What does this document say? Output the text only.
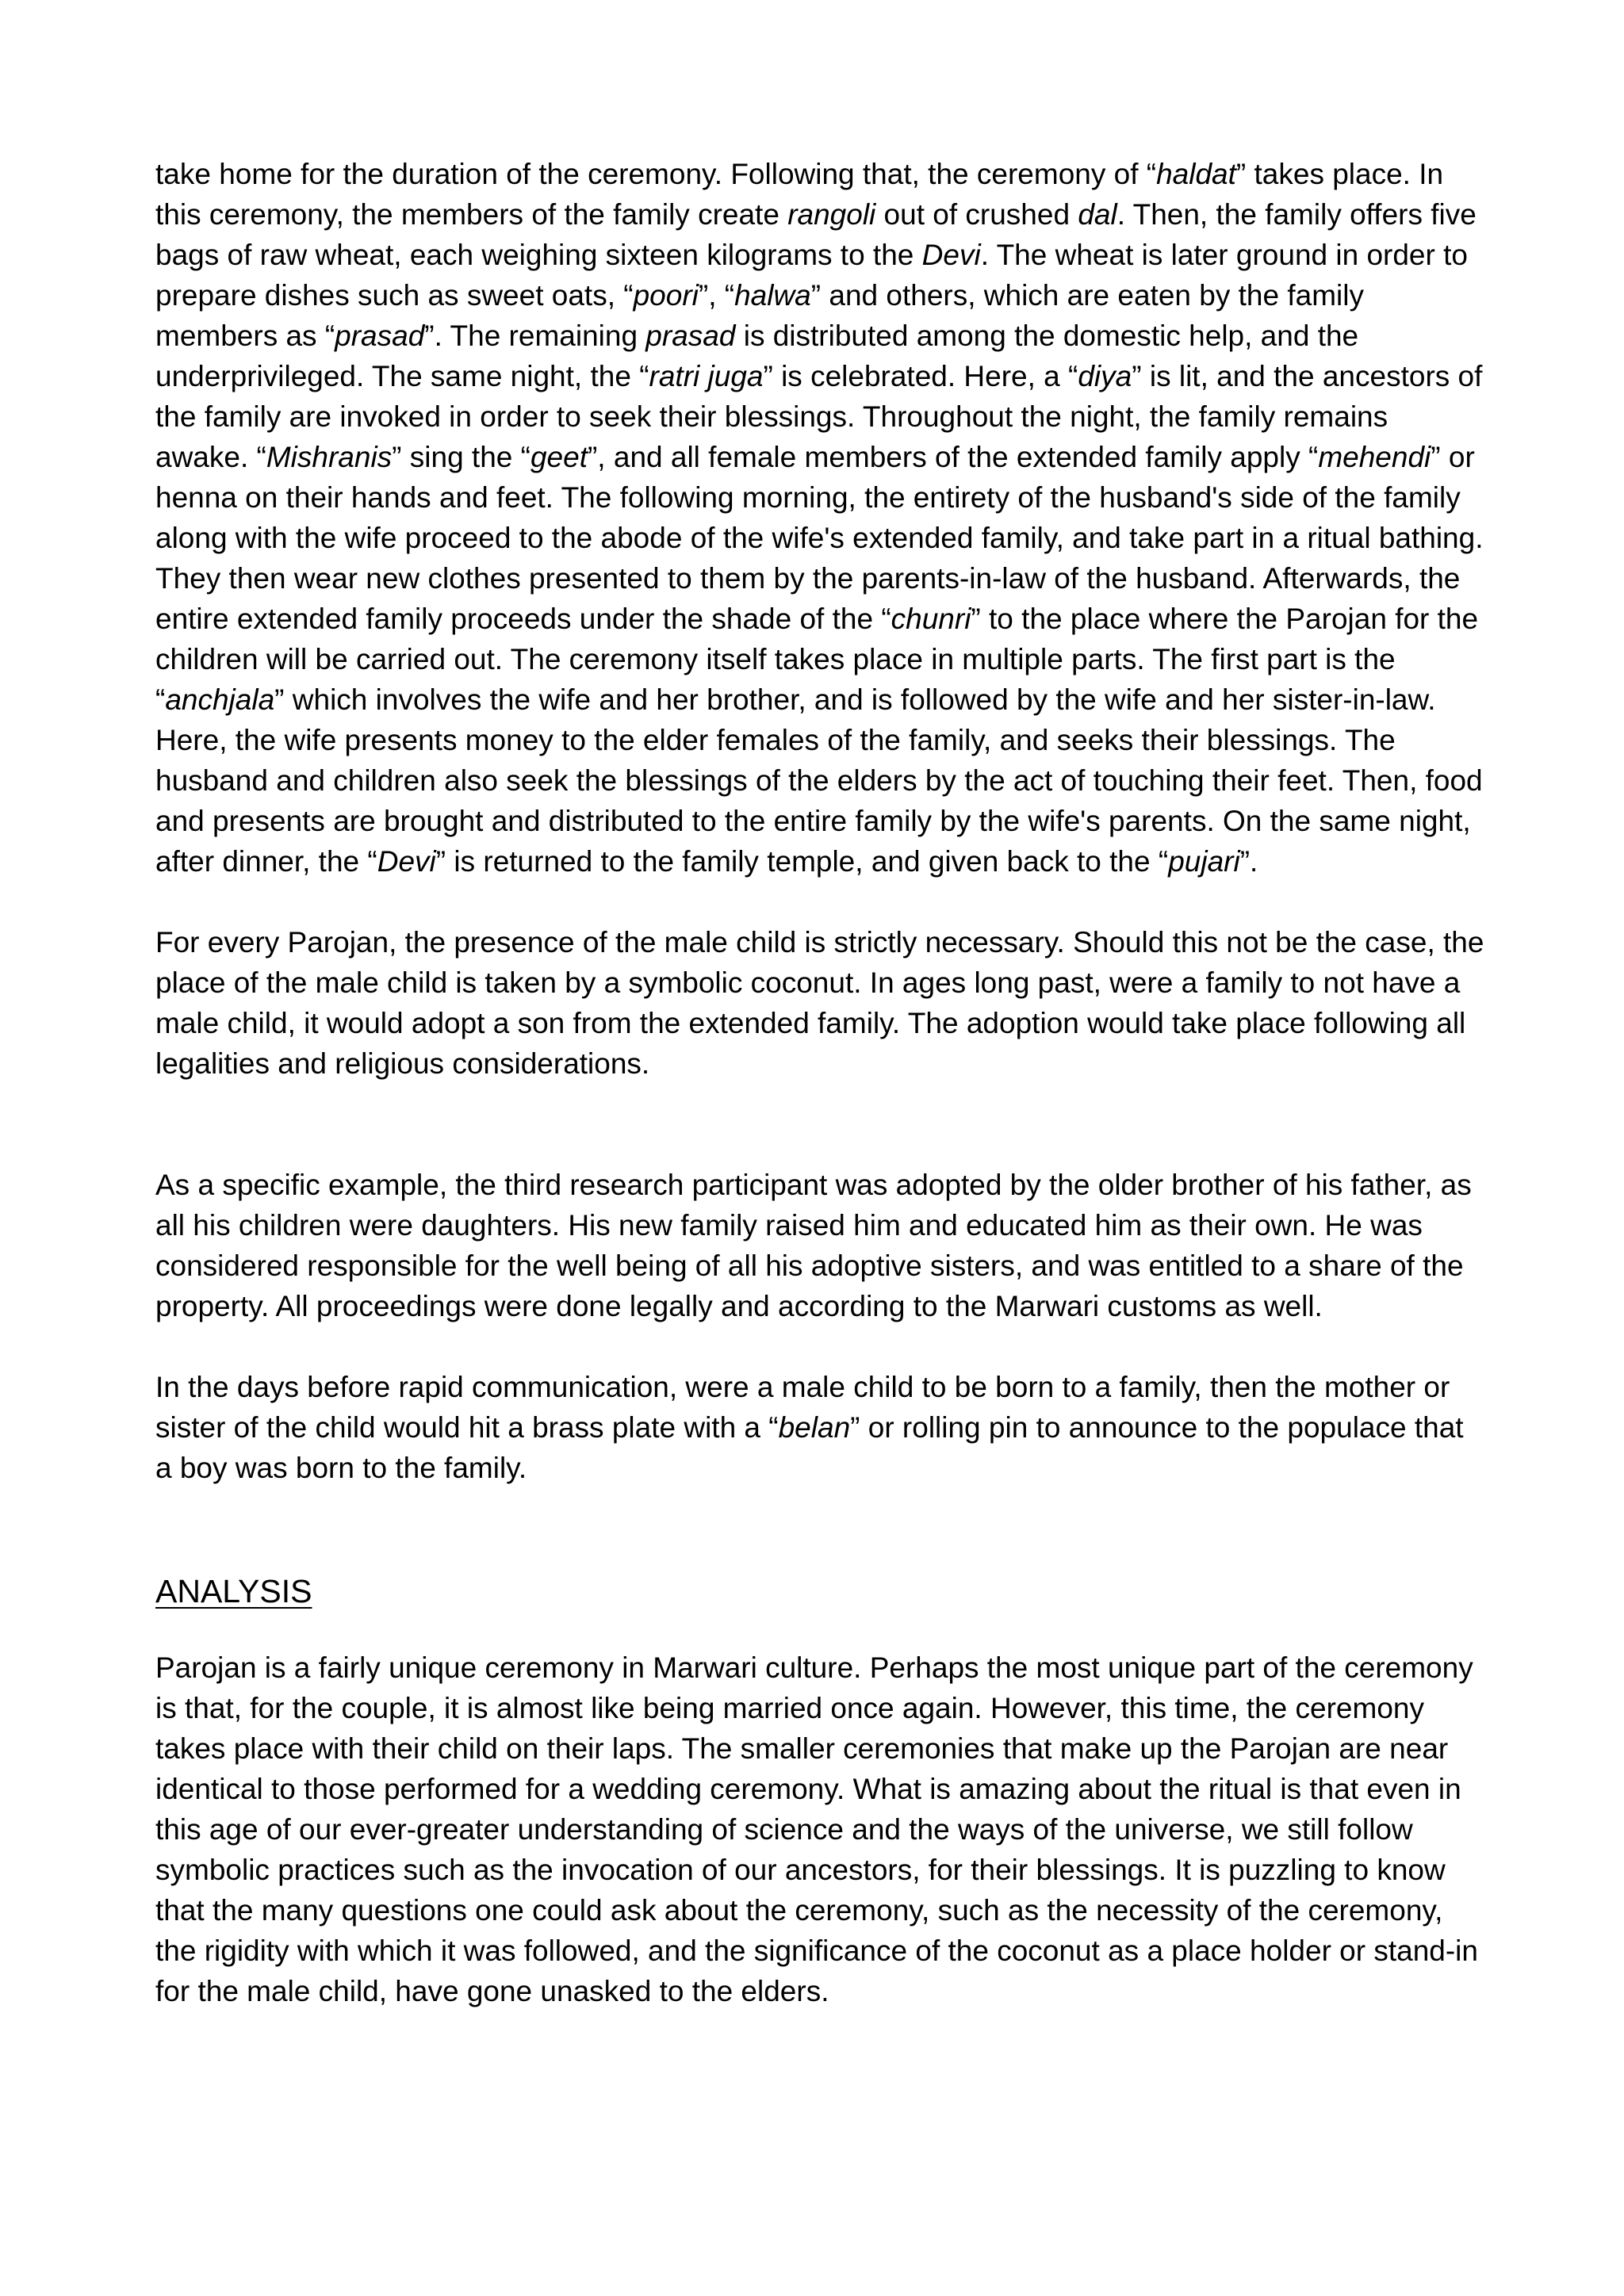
take home for the duration of the ceremony. Following that, the ceremony of “haldat” takes place. In this ceremony, the members of the family create rangoli out of crushed dal. Then, the family offers five bags of raw wheat, each weighing sixteen kilograms to the Devi. The wheat is later ground in order to prepare dishes such as sweet oats, “poori”, “halwa” and others, which are eaten by the family members as “prasad”. The remaining prasad is distributed among the domestic help, and the underprivileged. The same night, the “ratri juga” is celebrated. Here, a “diya” is lit, and the ancestors of the family are invoked in order to seek their blessings. Throughout the night, the family remains awake. “Mishranis” sing the “geet”, and all female members of the extended family apply “mehendi” or henna on their hands and feet. The following morning, the entirety of the husband's side of the family along with the wife proceed to the abode of the wife's extended family, and take part in a ritual bathing. They then wear new clothes presented to them by the parents-in-law of the husband. Afterwards, the entire extended family proceeds under the shade of the “chunri” to the place where the Parojan for the children will be carried out. The ceremony itself takes place in multiple parts. The first part is the “anchjala” which involves the wife and her brother, and is followed by the wife and her sister-in-law. Here, the wife presents money to the elder females of the family, and seeks their blessings. The husband and children also seek the blessings of the elders by the act of touching their feet. Then, food and presents are brought and distributed to the entire family by the wife's parents. On the same night, after dinner, the “Devi” is returned to the family temple, and given back to the “pujari”.

For every Parojan, the presence of the male child is strictly necessary. Should this not be the case, the place of the male child is taken by a symbolic coconut. In ages long past, were a family to not have a male child, it would adopt a son from the extended family. The adoption would take place following all legalities and religious considerations.

As a specific example, the third research participant was adopted by the older brother of his father, as all his children were daughters. His new family raised him and educated him as their own. He was considered responsible for the well being of all his adoptive sisters, and was entitled to a share of the property. All proceedings were done legally and according to the Marwari customs as well.

In the days before rapid communication, were a male child to be born to a family, then the mother or sister of the child would hit a brass plate with a “belan” or rolling pin to announce to the populace that a boy was born to the family.

ANALYSIS

Parojan is a fairly unique ceremony in Marwari culture. Perhaps the most unique part of the ceremony is that, for the couple, it is almost like being married once again. However, this time, the ceremony takes place with their child on their laps. The smaller ceremonies that make up the Parojan are near identical to those performed for a wedding ceremony. What is amazing about the ritual is that even in this age of our ever-greater understanding of science and the ways of the universe, we still follow symbolic practices such as the invocation of our ancestors, for their blessings. It is puzzling to know that the many questions one could ask about the ceremony, such as the necessity of the ceremony, the rigidity with which it was followed, and the significance of the coconut as a place holder or stand-in for the male child, have gone unasked to the elders.
